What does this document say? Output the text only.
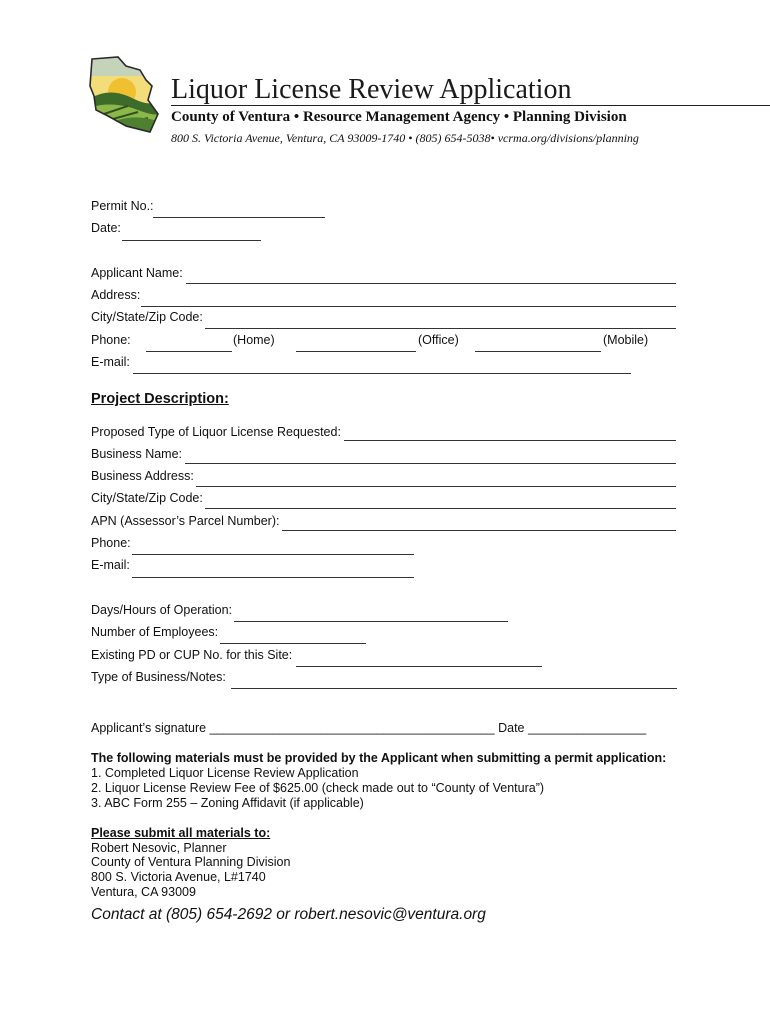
Liquor License Review Application
County of Ventura • Resource Management Agency • Planning Division
800 S. Victoria Avenue, Ventura, CA 93009-1740 • (805) 654-5038• vcrma.org/divisions/planning
Permit No.:
Date:
Applicant Name:
Address:
City/State/Zip Code:
Phone:	(Home)	(Office)	(Mobile)
E-mail:
Project Description:
Proposed Type of Liquor License Requested:
Business Name:
Business Address:
City/State/Zip Code:
APN (Assessor’s Parcel Number):
Phone:
E-mail:
Days/Hours of Operation:
Number of Employees:
Existing PD or CUP No. for this Site:
Type of Business/Notes:
Applicant’s signature _________________________________________ Date _________________
The following materials must be provided by the Applicant when submitting a permit application:
1. Completed Liquor License Review Application
2. Liquor License Review Fee of $625.00 (check made out to “County of Ventura”)
3. ABC Form 255 – Zoning Affidavit (if applicable)
Please submit all materials to:
Robert Nesovic, Planner
County of Ventura Planning Division
800 S. Victoria Avenue, L#1740
Ventura, CA 93009
Contact at (805) 654-2692 or robert.nesovic@ventura.org
